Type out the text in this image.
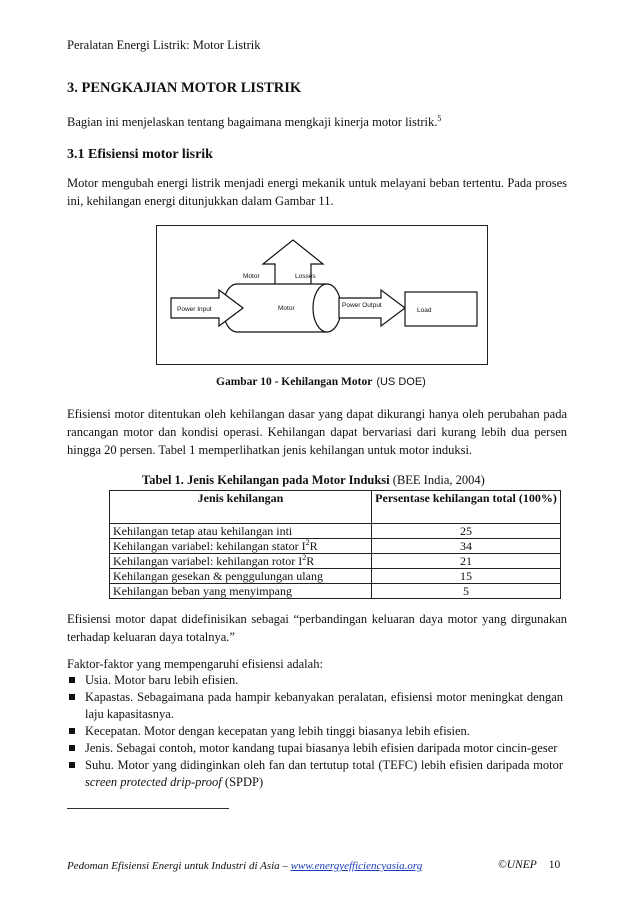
Peralatan Energi Listrik: Motor Listrik
3. PENGKAJIAN MOTOR LISTRIK
Bagian ini menjelaskan tentang bagaimana mengkaji kinerja motor listrik.$^5$
3.1 Efisiensi motor lisrik
Motor mengubah energi listrik menjadi energi mekanik untuk melayani beban tertentu. Pada proses ini, kehilangan energi ditunjukkan dalam Gambar 11.
Motor	Losses
Motor
Power Input
Power Output
Load
Gambar 10 - Kehilangan Motor (US DOE)
Efisiensi motor ditentukan oleh kehilangan dasar yang dapat dikurangi hanya oleh perubahan pada rancangan motor dan kondisi operasi. Kehilangan dapat bervariasi dari kurang lebih dua persen hingga 20 persen. Tabel 1 memperlihatkan jenis kehilangan untuk motor induksi.
Tabel 1. Jenis Kehilangan pada Motor Induksi (BEE India, 2004)
Jenis kehilangan	Persentase kehilangan total (100%)
Kehilangan tetap atau kehilangan inti	25
Kehilangan variabel: kehilangan stator $I^2R$	34
Kehilangan variabel: kehilangan rotor $I^2R$	21
Kehilangan gesekan & penggulungan ulang	15
Kehilangan beban yang menyimpang	5
Efisiensi motor dapat didefinisikan sebagai “perbandingan keluaran daya motor yang dirgunakan terhadap keluaran daya totalnya.”
Faktor-faktor yang mempengaruhi efisiensi adalah:
Usia. Motor baru lebih efisien.
Kapastas. Sebagaimana pada hampir kebanyakan peralatan, efisiensi motor meningkat dengan laju kapasitasnya.
Kecepatan. Motor dengan kecepatan yang lebih tinggi biasanya lebih efisien.
Jenis. Sebagai contoh, motor kandang tupai biasanya lebih efisien daripada motor cincin-geser
Suhu. Motor yang didinginkan oleh fan dan tertutup total (TEFC) lebih efisien daripada motor screen protected drip-proof (SPDP)
Pedoman Efisiensi Energi untuk Industri di Asia – www.energyefficiencyasia.org	©UNEP 10
